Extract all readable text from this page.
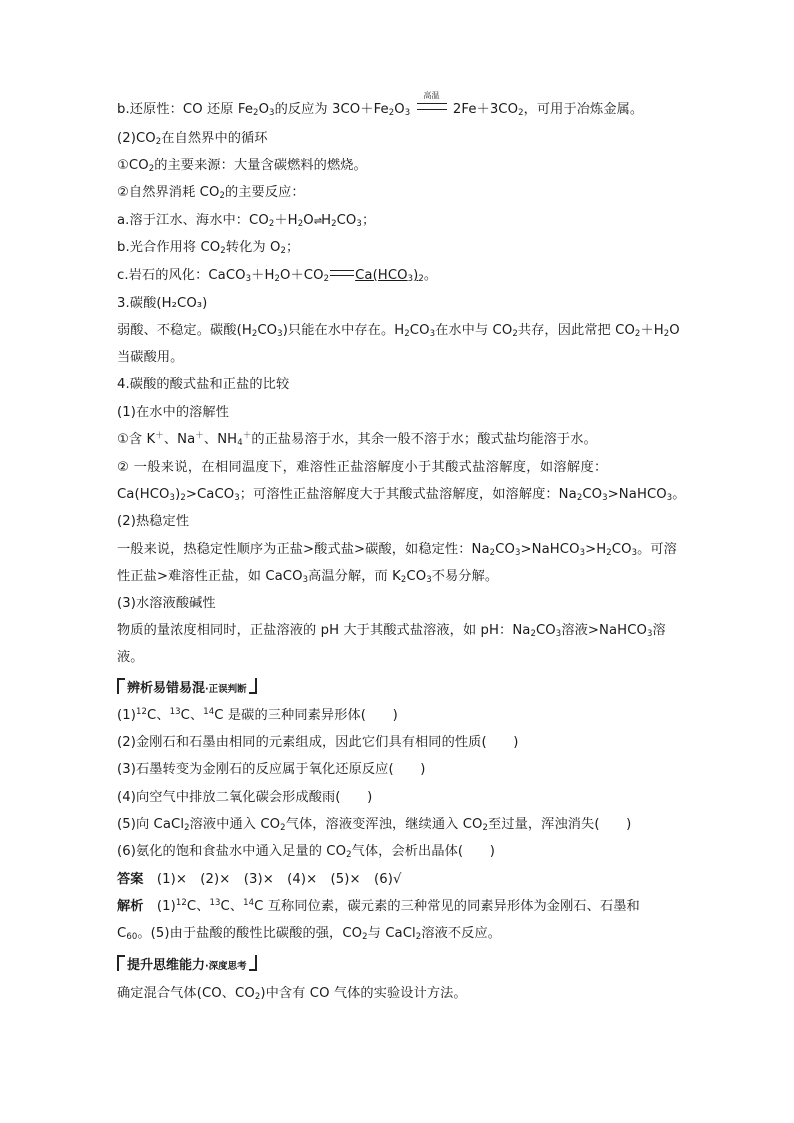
b.还原性：CO 还原 $Fe_2O_3$的反应为 $3CO+Fe_2O_3$
高温
$2Fe+3CO_2$，可用于冶炼金属。
$(2)CO_2$在自然界中的循环
$①CO_2$的主要来源：大量含碳燃料的燃烧。
②自然界消耗 $CO_2$的主要反应：
a.溶于江水、海水中：$CO_2+H_2O\rightleftharpoons H_2CO_3$；
b.光合作用将 $CO_2$转化为 $O_2$；
c.岩石的风化：$CaCO_3+H_2O+CO_2$ $Ca(HCO_3)_2$。
3.碳酸(H₂CO₃)
弱酸、不稳定。碳酸$(H_2CO_3)$只能在水中存在。$H_2CO_3$在水中与 $CO_2$共存，因此常把 $CO_2+H_2O$
当碳酸用。
4.碳酸的酸式盐和正盐的比较
(1)在水中的溶解性
①含 K＋、Na＋、$NH_4^+$的正盐易溶于水，其余一般不溶于水；酸式盐均能溶于水。
② 一般来说，在相同温度下，难溶性正盐溶解度小于其酸式盐溶解度，如溶解度：
$Ca(HCO_3)_2>CaCO_3$；可溶性正盐溶解度大于其酸式盐溶解度，如溶解度：$Na_2CO_3>NaHCO_3$。
(2)热稳定性
一般来说，热稳定性顺序为正盐>酸式盐>碳酸，如稳定性：$Na_2CO_3>NaHCO_3>H_2CO_3$。可溶
性正盐>难溶性正盐，如 CaCO$_3$高温分解，而 $K_2CO_3$不易分解。
(3)水溶液酸碱性
物质的量浓度相同时，正盐溶液的 pH 大于其酸式盐溶液，如 pH：$Na_2CO_3$溶液>NaHCO$_3$溶
液。
辨析易错易混·正误判断
$(1)^{12}C$、$^{13}$C、$^{14}$C 是碳的三种同素异形体(　　)
(2)金刚石和石墨由相同的元素组成，因此它们具有相同的性质(　　)
(3)石墨转变为金刚石的反应属于氧化还原反应(　　)
(4)向空气中排放二氧化碳会形成酸雨(　　)
(5)向 CaCl$_2$溶液中通入 $CO_2$气体，溶液变浑浊，继续通入 $CO_2$至过量，浑浊消失(　　)
(6)氨化的饱和食盐水中通入足量的 $CO_2$气体，会析出晶体(　　)
答案　 (1)×　(2)×　(3)×　(4)×　(5)×　(6)√
解析　 $(1)^{12}C$、$^{13}$C、$^{14}$C 互称同位素，碳元素的三种常见的同素异形体为金刚石、石墨和
$C_{60}$。(5)由于盐酸的酸性比碳酸的强，$CO_2$与 CaCl$_2$溶液不反应。
提升思维能力·深度思考
确定混合气体(CO、$CO_2$)中含有 CO 气体的实验设计方法。
